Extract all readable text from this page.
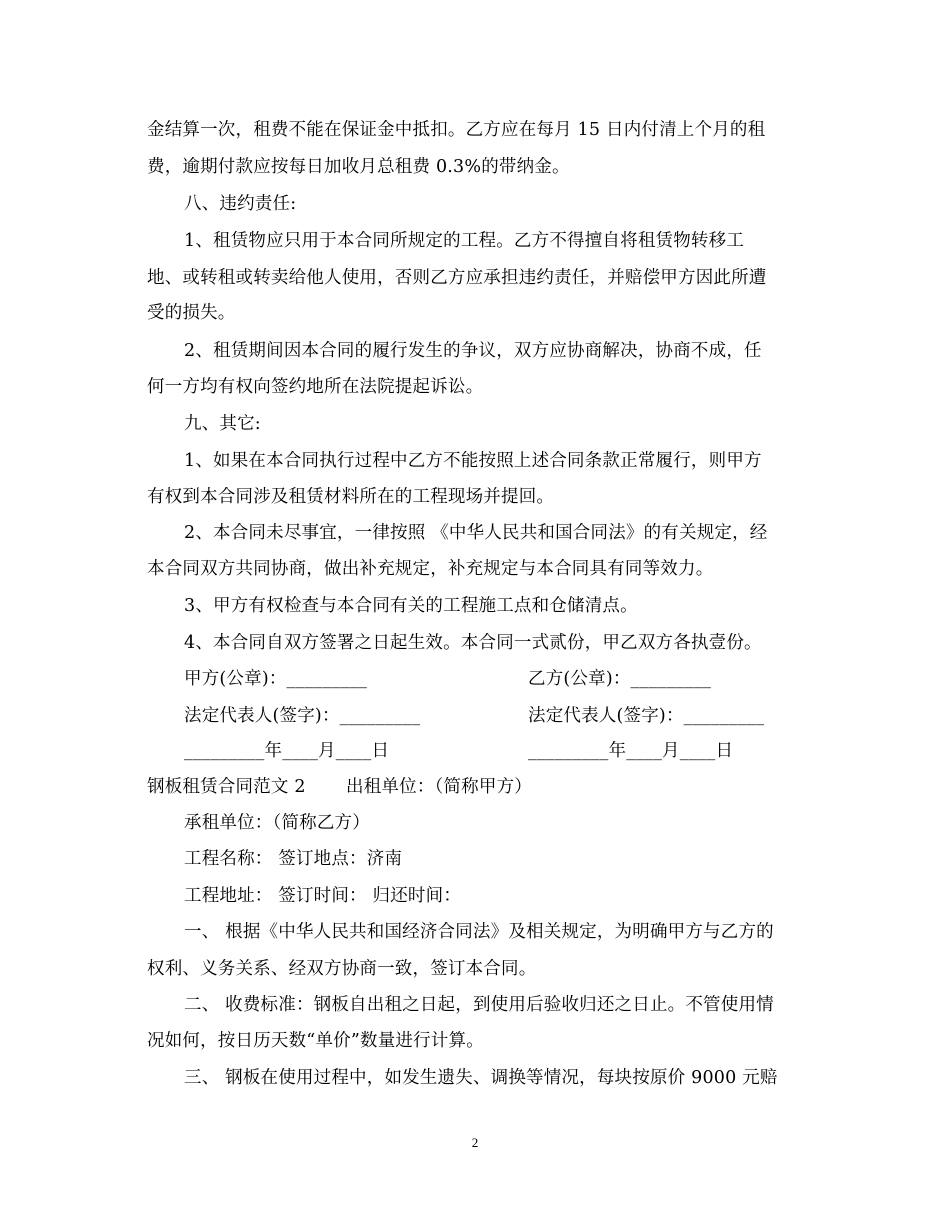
金结算一次，租费不能在保证金中抵扣。乙方应在每月 15 日内付清上个月的租
费，逾期付款应按每日加收月总租费 0.3%的带纳金。
八、违约责任:
1、租赁物应只用于本合同所规定的工程。乙方不得擅自将租赁物转移工
地、或转租或转卖给他人使用，否则乙方应承担违约责任，并赔偿甲方因此所遭
受的损失。
2、租赁期间因本合同的履行发生的争议，双方应协商解决，协商不成，任
何一方均有权向签约地所在法院提起诉讼。
九、其它:
1、如果在本合同执行过程中乙方不能按照上述合同条款正常履行，则甲方
有权到本合同涉及租赁材料所在的工程现场并提回。
2、本合同未尽事宜，一律按照 《中华人民共和国合同法》的有关规定，经
本合同双方共同协商，做出补充规定，补充规定与本合同具有同等效力。
3、甲方有权检查与本合同有关的工程施工点和仓储清点。
4、本合同自双方签署之日起生效。本合同一式贰份，甲乙双方各执壹份。
甲方(公章)：_________	乙方(公章)：_________
法定代表人(签字)：_________	法定代表人(签字)：_________
_________年____月____日	_________年____月____日
钢板租赁合同范文 2       出租单位：（简称甲方）
承租单位：（简称乙方）
工程名称： 签订地点：济南
工程地址： 签订时间： 归还时间：
一、 根据《中华人民共和国经济合同法》及相关规定，为明确甲方与乙方的
权利、义务关系、经双方协商一致，签订本合同。
二、 收费标准：钢板自出租之日起，到使用后验收归还之日止。不管使用情
况如何，按日历天数“单价”数量进行计算。
三、 钢板在使用过程中，如发生遗失、调换等情况，每块按原价 9000 元赔
2
